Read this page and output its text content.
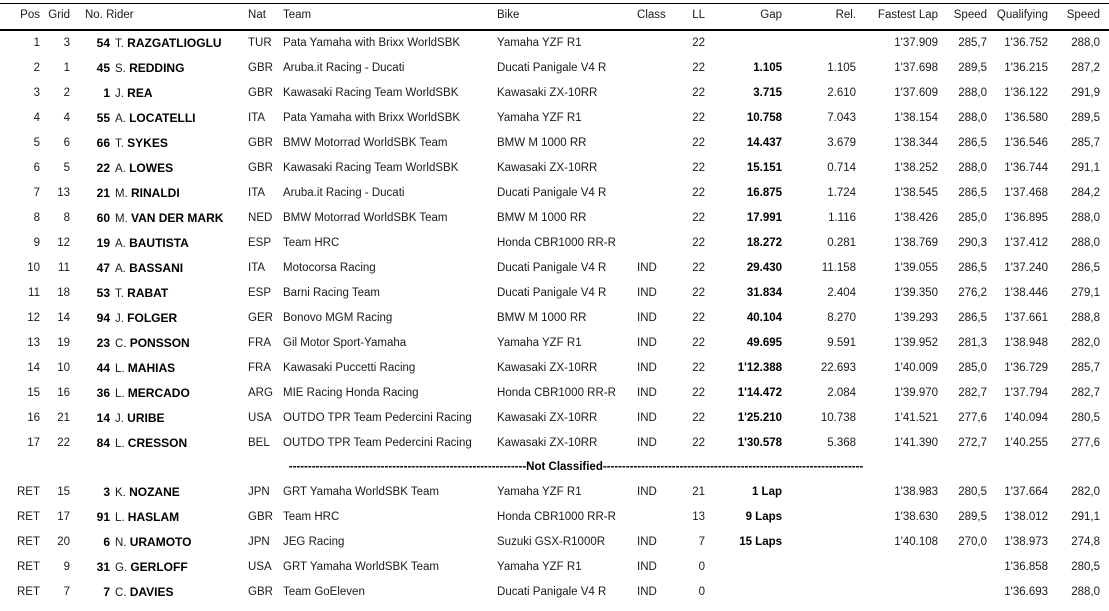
Pos	Grid	No. Rider		Nat	Team	Bike	Class	LL	Gap	Rel.	Fastest Lap	Speed	Qualifying	Speed
1	3	54	T. RAZGATLIOGLU	TUR	Pata Yamaha with Brixx WorldSBK	Yamaha YZF R1		22			1'37.909	285,7	1'36.752	288,0
2	1	45	S. REDDING	GBR	Aruba.it Racing - Ducati	Ducati Panigale V4 R		22	1.105	1.105	1'37.698	289,5	1'36.215	287,2
3	2	1	J. REA	GBR	Kawasaki Racing Team WorldSBK	Kawasaki ZX-10RR		22	3.715	2.610	1'37.609	288,0	1'36.122	291,9
4	4	55	A. LOCATELLI	ITA	Pata Yamaha with Brixx WorldSBK	Yamaha YZF R1		22	10.758	7.043	1'38.154	288,0	1'36.580	289,5
5	6	66	T. SYKES	GBR	BMW Motorrad WorldSBK Team	BMW M 1000 RR		22	14.437	3.679	1'38.344	286,5	1'36.546	285,7
6	5	22	A. LOWES	GBR	Kawasaki Racing Team WorldSBK	Kawasaki ZX-10RR		22	15.151	0.714	1'38.252	288,0	1'36.744	291,1
7	13	21	M. RINALDI	ITA	Aruba.it Racing - Ducati	Ducati Panigale V4 R		22	16.875	1.724	1'38.545	286,5	1'37.468	284,2
8	8	60	M. VAN DER MARK	NED	BMW Motorrad WorldSBK Team	BMW M 1000 RR		22	17.991	1.116	1'38.426	285,0	1'36.895	288,0
9	12	19	A. BAUTISTA	ESP	Team HRC	Honda CBR1000 RR-R		22	18.272	0.281	1'38.769	290,3	1'37.412	288,0
10	11	47	A. BASSANI	ITA	Motocorsa Racing	Ducati Panigale V4 R	IND	22	29.430	11.158	1'39.055	286,5	1'37.240	286,5
11	18	53	T. RABAT	ESP	Barni Racing Team	Ducati Panigale V4 R	IND	22	31.834	2.404	1'39.350	276,2	1'38.446	279,1
12	14	94	J. FOLGER	GER	Bonovo MGM Racing	BMW M 1000 RR	IND	22	40.104	8.270	1'39.293	286,5	1'37.661	288,8
13	19	23	C. PONSSON	FRA	Gil Motor Sport-Yamaha	Yamaha YZF R1	IND	22	49.695	9.591	1'39.952	281,3	1'38.948	282,0
14	10	44	L. MAHIAS	FRA	Kawasaki Puccetti Racing	Kawasaki ZX-10RR	IND	22	1'12.388	22.693	1'40.009	285,0	1'36.729	285,7
15	16	36	L. MERCADO	ARG	MIE Racing Honda Racing	Honda CBR1000 RR-R	IND	22	1'14.472	2.084	1'39.970	282,7	1'37.794	282,7
16	21	14	J. URIBE	USA	OUTDO TPR Team Pedercini Racing	Kawasaki ZX-10RR	IND	22	1'25.210	10.738	1'41.521	277,6	1'40.094	280,5
17	22	84	L. CRESSON	BEL	OUTDO TPR Team Pedercini Racing	Kawasaki ZX-10RR	IND	22	1'30.578	5.368	1'41.390	272,7	1'40.255	277,6
--------------------------------------------------------------Not Classified--------------------------------------------------------------------														
RET	15	3	K. NOZANE	JPN	GRT Yamaha WorldSBK Team	Yamaha YZF R1	IND	21	1 Lap		1'38.983	280,5	1'37.664	282,0
RET	17	91	L. HASLAM	GBR	Team HRC	Honda CBR1000 RR-R		13	9 Laps		1'38.630	289,5	1'38.012	291,1
RET	20	6	N. URAMOTO	JPN	JEG Racing	Suzuki GSX-R1000R	IND	7	15 Laps		1'40.108	270,0	1'38.973	274,8
RET	9	31	G. GERLOFF	USA	GRT Yamaha WorldSBK Team	Yamaha YZF R1	IND	0					1'36.858	280,5
RET	7	7	C. DAVIES	GBR	Team GoEleven	Ducati Panigale V4 R	IND	0					1'36.693	288,0
